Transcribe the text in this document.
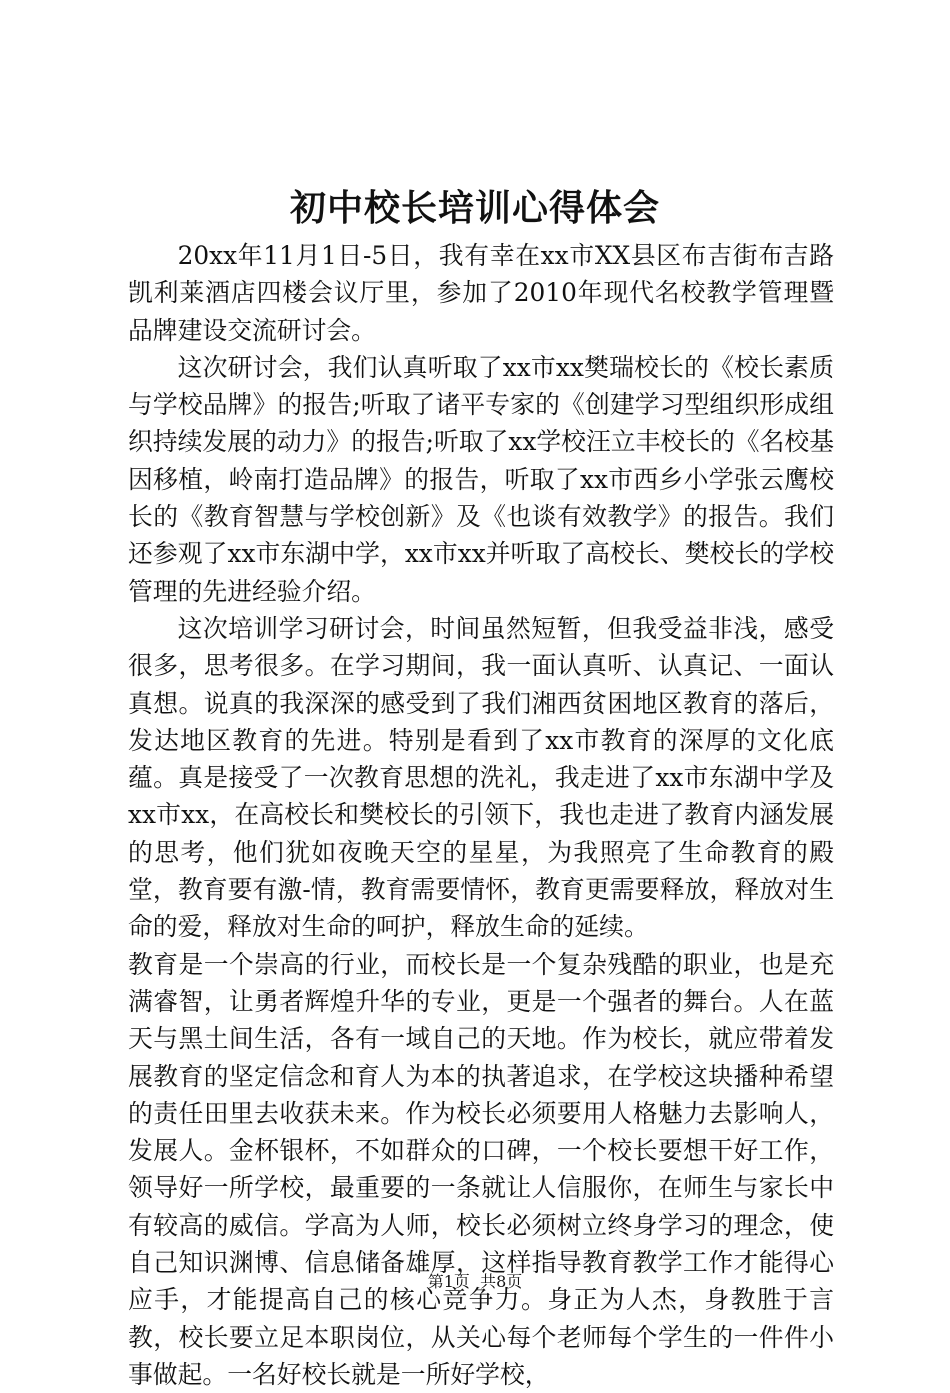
初中校长培训心得体会

20xx年11月1日-5日，我有幸在xx市XX县区布吉街布吉路凯利莱酒店四楼会议厅里，参加了2010年现代名校教学管理暨品牌建设交流研讨会。

这次研讨会，我们认真听取了xx市xx樊瑞校长的《校长素质与学校品牌》的报告;听取了诸平专家的《创建学习型组织形成组织持续发展的动力》的报告;听取了xx学校汪立丰校长的《名校基因移植，岭南打造品牌》的报告，听取了xx市西乡小学张云鹰校长的《教育智慧与学校创新》及《也谈有效教学》的报告。我们还参观了xx市东湖中学，xx市xx并听取了高校长、樊校长的学校管理的先进经验介绍。

这次培训学习研讨会，时间虽然短暂，但我受益非浅，感受很多，思考很多。在学习期间，我一面认真听、认真记、一面认真想。说真的我深深的感受到了我们湘西贫困地区教育的落后，发达地区教育的先进。特别是看到了xx市教育的深厚的文化底蕴。真是接受了一次教育思想的洗礼，我走进了xx市东湖中学及xx市xx，在高校长和樊校长的引领下，我也走进了教育内涵发展的思考，他们犹如夜晚天空的星星，为我照亮了生命教育的殿堂，教育要有激-情，教育需要情怀，教育更需要释放，释放对生命的爱，释放对生命的呵护，释放生命的延续。

教育是一个崇高的行业，而校长是一个复杂残酷的职业，也是充满睿智，让勇者辉煌升华的专业，更是一个强者的舞台。人在蓝天与黑土间生活，各有一域自己的天地。作为校长，就应带着发展教育的坚定信念和育人为本的执著追求，在学校这块播种希望的责任田里去收获未来。作为校长必须要用人格魅力去影响人，发展人。金杯银杯，不如群众的口碑，一个校长要想干好工作，领导好一所学校，最重要的一条就让人信服你，在师生与家长中有较高的威信。学高为人师，校长必须树立终身学习的理念，使自己知识渊博、信息储备雄厚，这样指导教育教学工作才能得心应手，才能提高自己的核心竞争力。身正为人杰，身教胜于言教，校长要立足本职岗位，从关心每个老师每个学生的一件件小事做起。一名好校长就是一所好学校，

第1页 共8页
